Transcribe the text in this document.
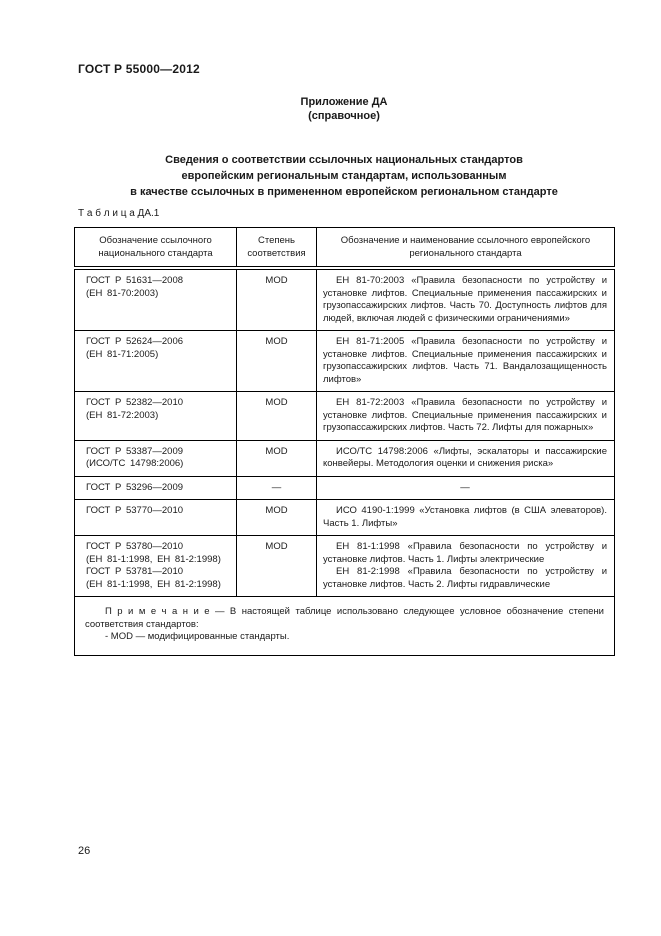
ГОСТ Р 55000—2012
Приложение ДА
(справочное)
Сведения о соответствии ссылочных национальных стандартов
европейским региональным стандартам, использованным
в качестве ссылочных в примененном европейском региональном стандарте
Т а б л и ц а ДА.1
Обозначение ссылочного национального стандарта	Степень соответствия	Обозначение и наименование ссылочного европейского регионального стандарта

ГОСТ Р 51631—2008
(ЕН 81-70:2003)	MOD	ЕН 81-70:2003 «Правила безопасности по устройству и установке лифтов. Специальные применения пассажирских и грузопассажирских лифтов. Часть 70. Доступность лифтов для людей, включая людей с физическими ограничениями»

ГОСТ Р 52624—2006
(ЕН 81-71:2005)	MOD	ЕН 81-71:2005 «Правила безопасности по устройству и установке лифтов. Специальные применения пассажирских и грузопассажирских лифтов. Часть 71. Вандалозащищенность лифтов»

ГОСТ Р 52382—2010
(ЕН 81-72:2003)	MOD	ЕН 81-72:2003 «Правила безопасности по устройству и установке лифтов. Специальные применения пассажирских и грузопассажирских лифтов. Часть 72. Лифты для пожарных»

ГОСТ Р 53387—2009
(ИСО/ТС 14798:2006)	MOD	ИСО/ТС 14798:2006 «Лифты, эскалаторы и пассажирские конвейеры. Методология оценки и снижения риска»

ГОСТ Р 53296—2009	—	—

ГОСТ Р 53770—2010	MOD	ИСО 4190-1:1999 «Установка лифтов (в США элеваторов). Часть 1. Лифты»

ГОСТ Р 53780—2010
(ЕН 81-1:1998, ЕН 81-2:1998)
ГОСТ Р 53781—2010
(ЕН 81-1:1998, ЕН 81-2:1998)
	MOD	ЕН 81-1:1998 «Правила безопасности по устройству и установке лифтов. Часть 1. Лифты электрические
ЕН 81-2:1998 «Правила безопасности по устройству и установке лифтов. Часть 2. Лифты гидравлические

П р и м е ч а н и е — В настоящей таблице использовано следующее условное обозначение степени соответствия стандартов:
- MOD — модифицированные стандарты.		
26
